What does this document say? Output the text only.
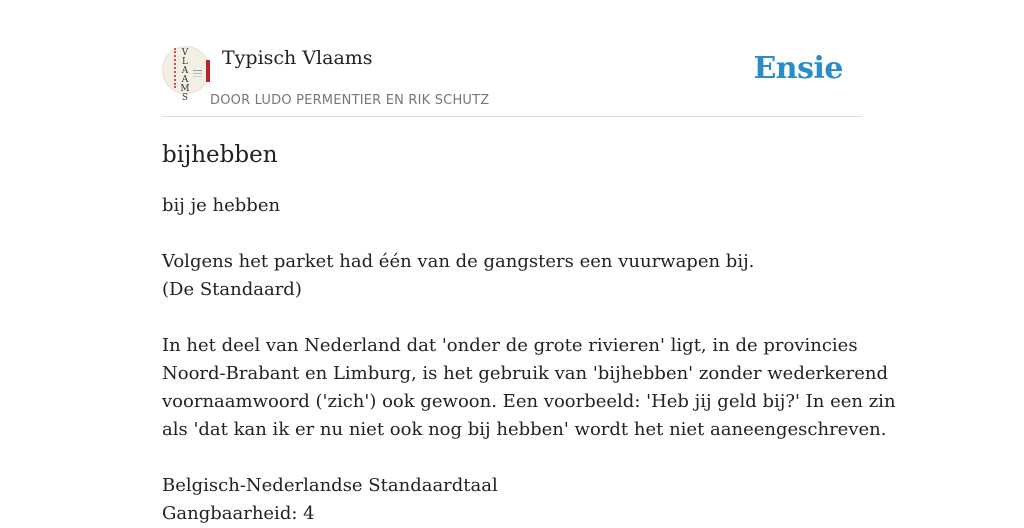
V
L
A
A
M
S
Typisch Vlaams
DOOR LUDO PERMENTIER EN RIK SCHUTZ
Ensie
bijhebben
bij je hebben
Volgens het parket had één van de gangsters een vuurwapen bij.
(De Standaard)
In het deel van Nederland dat 'onder de grote rivieren' ligt, in de provincies
Noord-Brabant en Limburg, is het gebruik van 'bijhebben' zonder wederkerend
voornaamwoord ('zich') ook gewoon. Een voorbeeld: 'Heb jij geld bij?' In een zin
als 'dat kan ik er nu niet ook nog bij hebben' wordt het niet aaneengeschreven.
Belgisch-Nederlandse Standaardtaal
Gangbaarheid: 4
